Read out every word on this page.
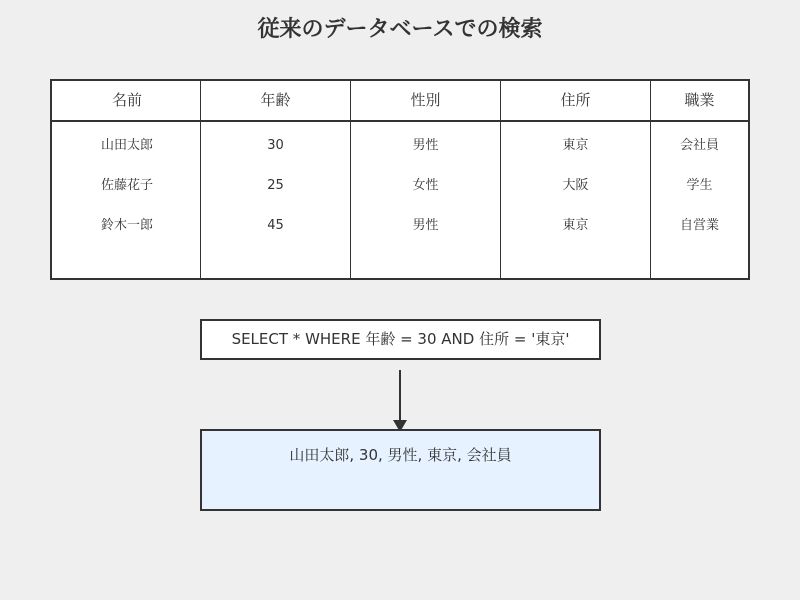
従来のデータベースでの検索
名前
山田太郎
佐藤花子
鈴木一郎
年齢
30
25
45
性別
男性
女性
男性
住所
東京
大阪
東京
職業
会社員
学生
自営業
SELECT * WHERE 年齢 = 30 AND 住所 = '東京'
山田太郎, 30, 男性, 東京, 会社員
